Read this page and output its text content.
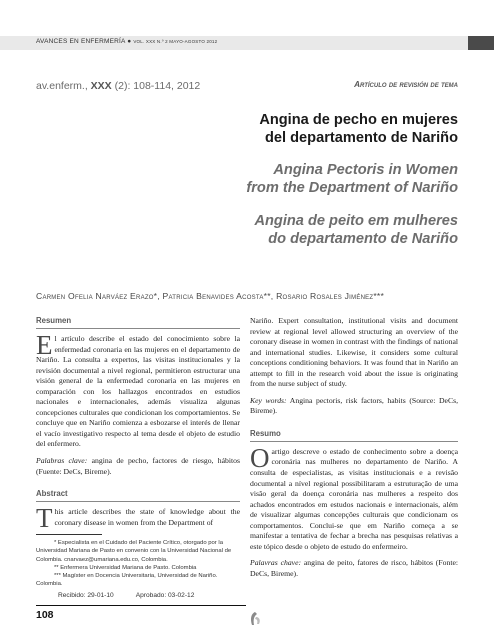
AVANCES EN ENFERMERÍA ● VOL. XXX N.º 2 MAYO-AGOSTO 2012
av.enferm., XXX (2): 108-114, 2012	Artículo de revisión de tema
Angina de pecho en mujeres
del departamento de Nariño
Angina Pectoris in Women
from the Department of Nariño
Angina de peito em mulheres
do departamento de Nariño
Carmen Ofelia Narváez Erazo*, Patricia Benavides Acosta**, Rosario Rosales Jiménez***
Resumen
El artículo describe el estado del conocimiento sobre la enfermedad coronaria en las mujeres en el departamento de Nariño. La consulta a expertos, las visitas institucionales y la revisión documental a nivel regional, permitieron estructurar una visión general de la enfermedad coronaria en las mujeres en comparación con los hallazgos encontrados en estudios nacionales e internacionales, además visualiza algunas concepciones culturales que condicionan los comportamientos. Se concluye que en Nariño comienza a esbozarse el interés de llenar el vacío investigativo respecto al tema desde el objeto de estudio del enfermero.
Palabras clave: angina de pecho, factores de riesgo, hábitos (Fuente: DeCs, Bireme).
Abstract
This article describes the state of knowledge about the coronary disease in women from the Department of

* Especialista en el Cuidado del Paciente Crítico, otorgado por la Universidad Mariana de Pasto en convenio con la Universidad Nacional de Colombia. cnarvaez@umariana.edu.co, Colombia.

** Enfermera Universidad Mariana de Pasto. Colombia

*** Magíster en Docencia Universitaria, Universidad de Nariño. Colombia.

Recibido: 29-01-10	Aprobado: 03-02-12
Nariño. Expert consultation, institutional visits and document review at regional level allowed structuring an overview of the coronary disease in women in contrast with the findings of national and international studies. Likewise, it considers some cultural conceptions conditioning behaviors. It was found that in Nariño an attempt to fill in the research void about the issue is originating from the nurse subject of study.
Key words: Angina pectoris, risk factors, habits (Source: DeCs, Bireme).
Resumo
Oartigo descreve o estado de conhecimento sobre a doença coronária nas mulheres no departamento de Nariño. A consulta de especialistas, as visitas institucionais e a revisão documental a nível regional possibilitaram a estruturação de uma visão geral da doença coronária nas mulheres a respeito dos achados encontrados em estudos nacionais e internacionais, além de visualizar algumas concepções culturais que condicionam os comportamentos. Conclui-se que em Nariño começa a se manifestar a tentativa de fechar a brecha nas pesquisas relativas a este tópico desde o objeto de estudo do enfermeiro.
Palavras chave: angina de peito, fatores de risco, hábitos (Fonte: DeCs, Bireme).
108
